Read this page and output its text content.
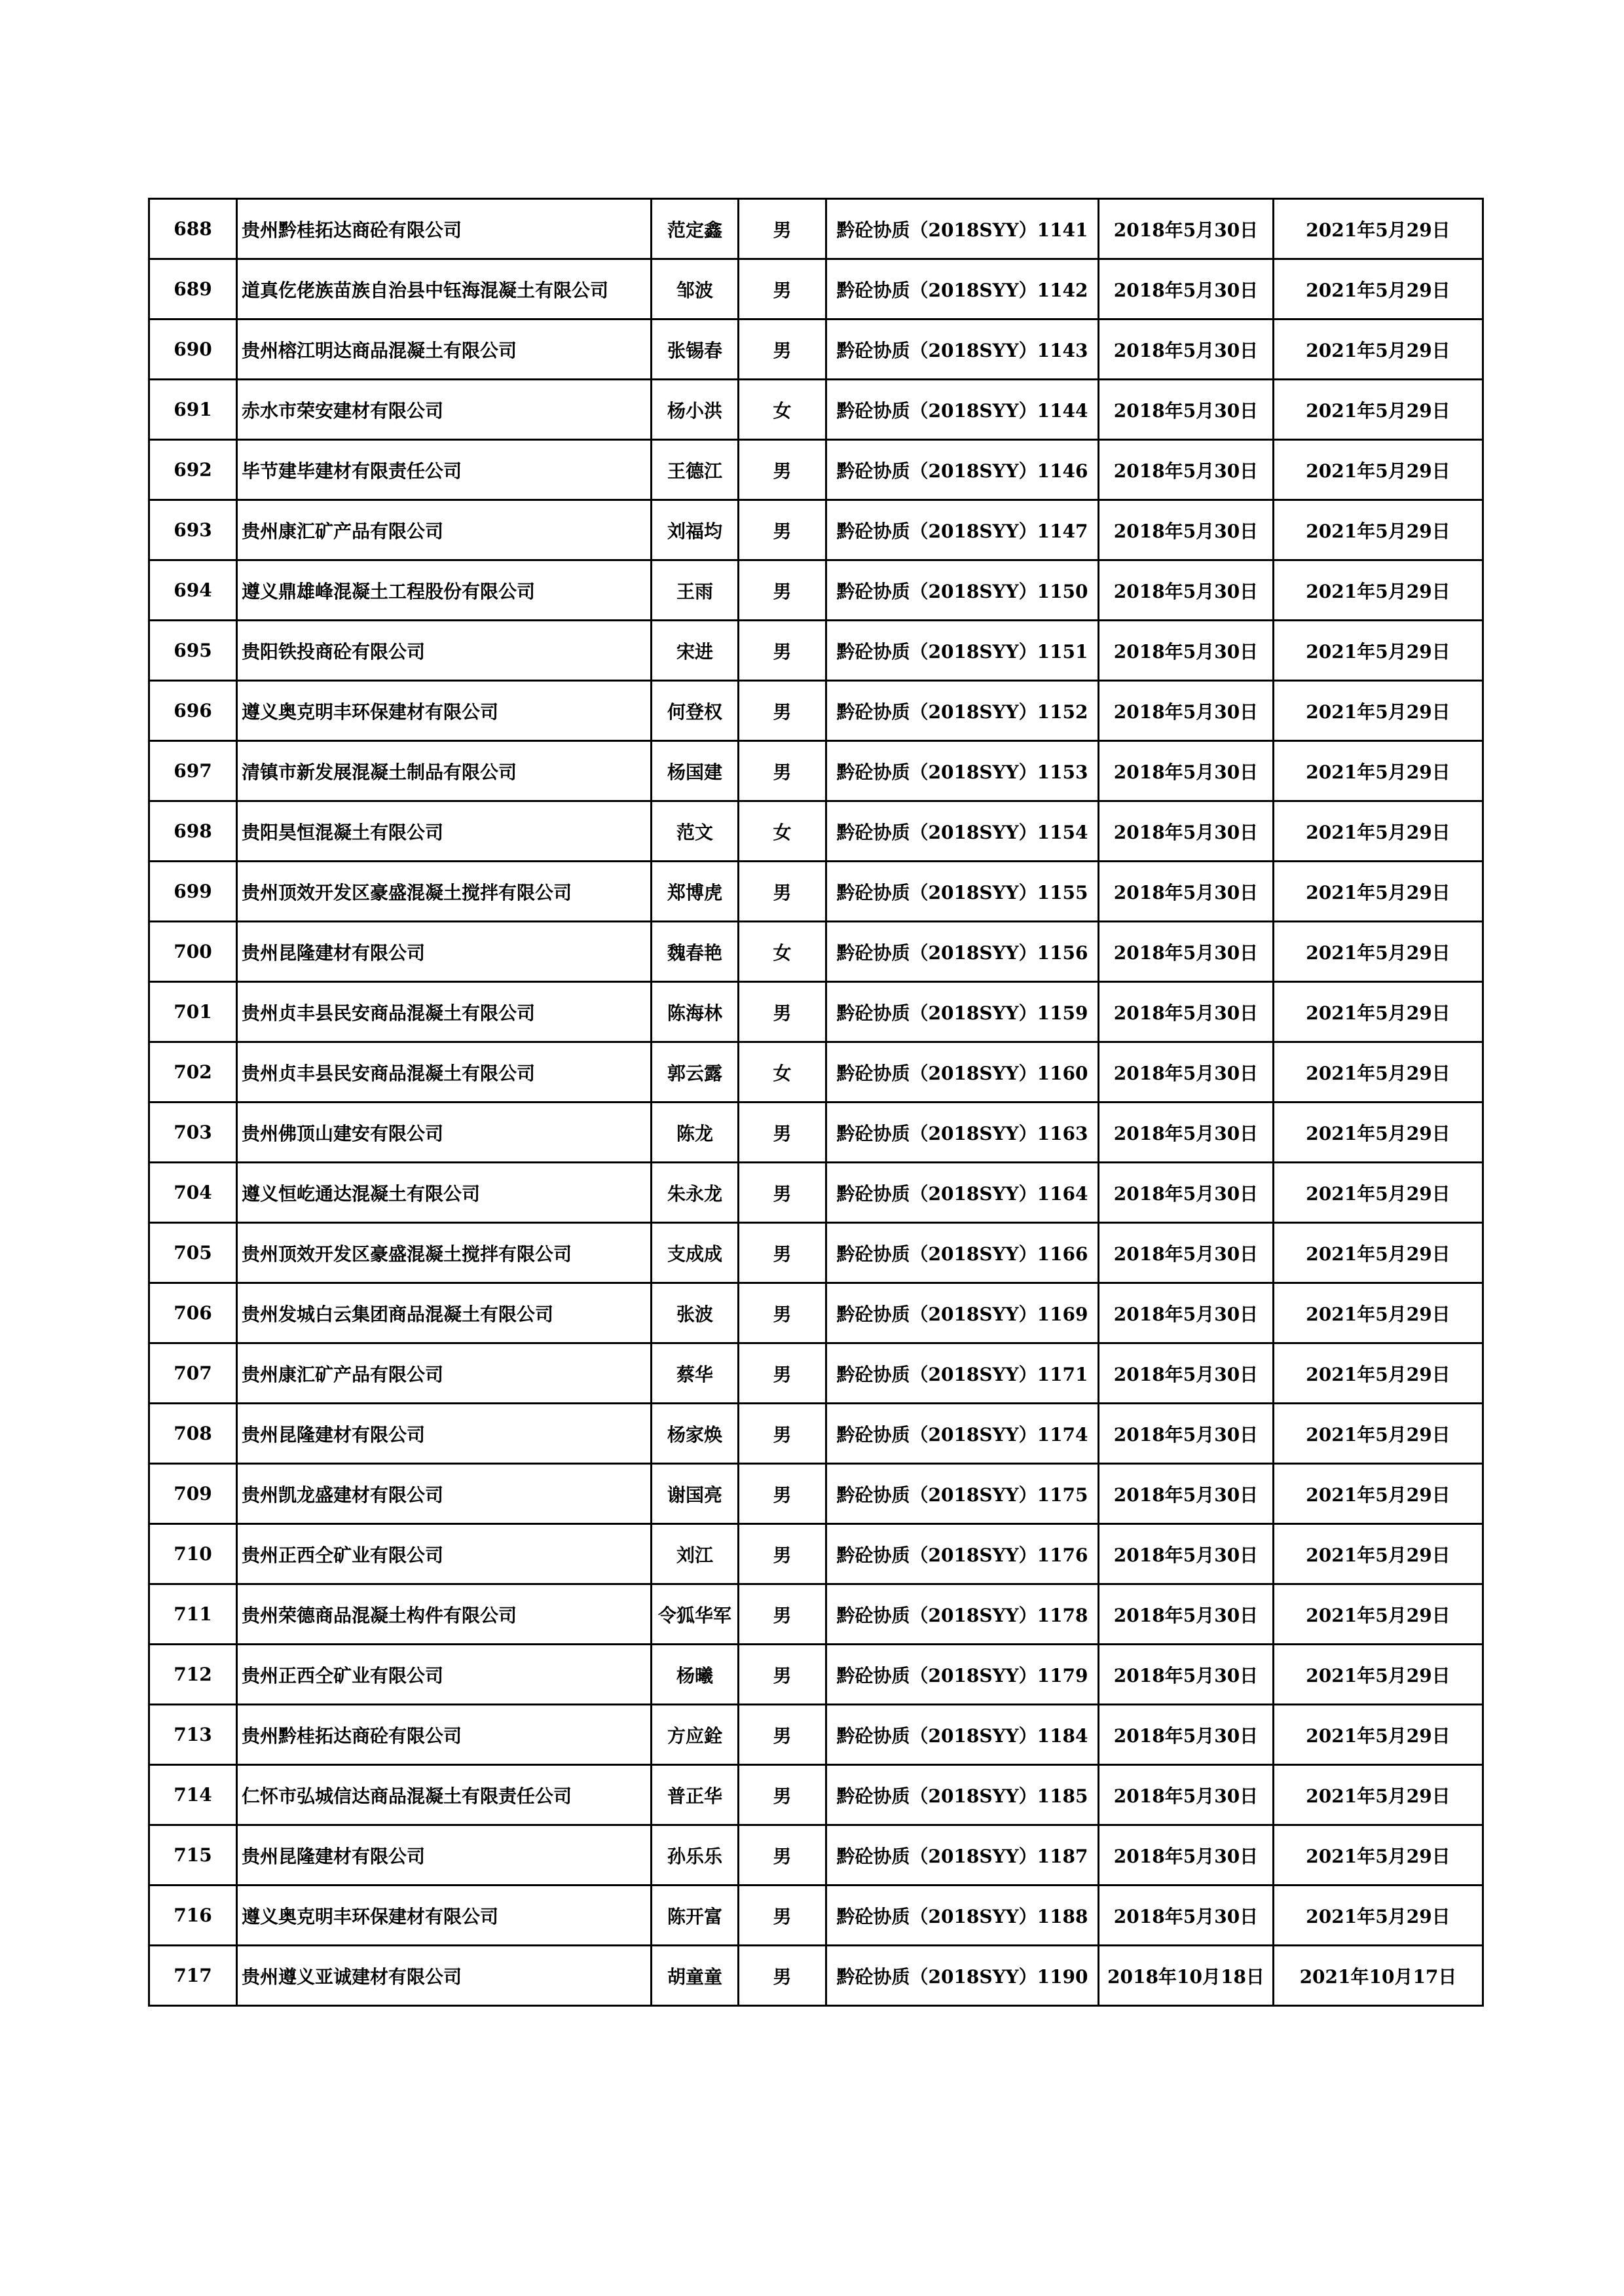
688	贵州黔桂拓达商砼有限公司	范定鑫	男	黔砼协质（2018SYY）1141	2018年5月30日	2021年5月29日
689	道真仡佬族苗族自治县中钰海混凝土有限公司	邹波	男	黔砼协质（2018SYY）1142	2018年5月30日	2021年5月29日
690	贵州榕江明达商品混凝土有限公司	张锡春	男	黔砼协质（2018SYY）1143	2018年5月30日	2021年5月29日
691	赤水市荣安建材有限公司	杨小洪	女	黔砼协质（2018SYY）1144	2018年5月30日	2021年5月29日
692	毕节建毕建材有限责任公司	王德江	男	黔砼协质（2018SYY）1146	2018年5月30日	2021年5月29日
693	贵州康汇矿产品有限公司	刘福均	男	黔砼协质（2018SYY）1147	2018年5月30日	2021年5月29日
694	遵义鼎雄峰混凝土工程股份有限公司	王雨	男	黔砼协质（2018SYY）1150	2018年5月30日	2021年5月29日
695	贵阳铁投商砼有限公司	宋进	男	黔砼协质（2018SYY）1151	2018年5月30日	2021年5月29日
696	遵义奥克明丰环保建材有限公司	何登权	男	黔砼协质（2018SYY）1152	2018年5月30日	2021年5月29日
697	清镇市新发展混凝土制品有限公司	杨国建	男	黔砼协质（2018SYY）1153	2018年5月30日	2021年5月29日
698	贵阳昊恒混凝土有限公司	范文	女	黔砼协质（2018SYY）1154	2018年5月30日	2021年5月29日
699	贵州顶效开发区豪盛混凝土搅拌有限公司	郑博虎	男	黔砼协质（2018SYY）1155	2018年5月30日	2021年5月29日
700	贵州昆隆建材有限公司	魏春艳	女	黔砼协质（2018SYY）1156	2018年5月30日	2021年5月29日
701	贵州贞丰县民安商品混凝土有限公司	陈海林	男	黔砼协质（2018SYY）1159	2018年5月30日	2021年5月29日
702	贵州贞丰县民安商品混凝土有限公司	郭云露	女	黔砼协质（2018SYY）1160	2018年5月30日	2021年5月29日
703	贵州佛顶山建安有限公司	陈龙	男	黔砼协质（2018SYY）1163	2018年5月30日	2021年5月29日
704	遵义恒屹通达混凝土有限公司	朱永龙	男	黔砼协质（2018SYY）1164	2018年5月30日	2021年5月29日
705	贵州顶效开发区豪盛混凝土搅拌有限公司	支成成	男	黔砼协质（2018SYY）1166	2018年5月30日	2021年5月29日
706	贵州发城白云集团商品混凝土有限公司	张波	男	黔砼协质（2018SYY）1169	2018年5月30日	2021年5月29日
707	贵州康汇矿产品有限公司	蔡华	男	黔砼协质（2018SYY）1171	2018年5月30日	2021年5月29日
708	贵州昆隆建材有限公司	杨家焕	男	黔砼协质（2018SYY）1174	2018年5月30日	2021年5月29日
709	贵州凯龙盛建材有限公司	谢国亮	男	黔砼协质（2018SYY）1175	2018年5月30日	2021年5月29日
710	贵州正西仝矿业有限公司	刘江	男	黔砼协质（2018SYY）1176	2018年5月30日	2021年5月29日
711	贵州荣德商品混凝土构件有限公司	令狐华军	男	黔砼协质（2018SYY）1178	2018年5月30日	2021年5月29日
712	贵州正西仝矿业有限公司	杨曦	男	黔砼协质（2018SYY）1179	2018年5月30日	2021年5月29日
713	贵州黔桂拓达商砼有限公司	方应銓	男	黔砼协质（2018SYY）1184	2018年5月30日	2021年5月29日
714	仁怀市弘城信达商品混凝土有限责任公司	普正华	男	黔砼协质（2018SYY）1185	2018年5月30日	2021年5月29日
715	贵州昆隆建材有限公司	孙乐乐	男	黔砼协质（2018SYY）1187	2018年5月30日	2021年5月29日
716	遵义奥克明丰环保建材有限公司	陈开富	男	黔砼协质（2018SYY）1188	2018年5月30日	2021年5月29日
717	贵州遵义亚诚建材有限公司	胡童童	男	黔砼协质（2018SYY）1190	2018年10月18日	2021年10月17日
